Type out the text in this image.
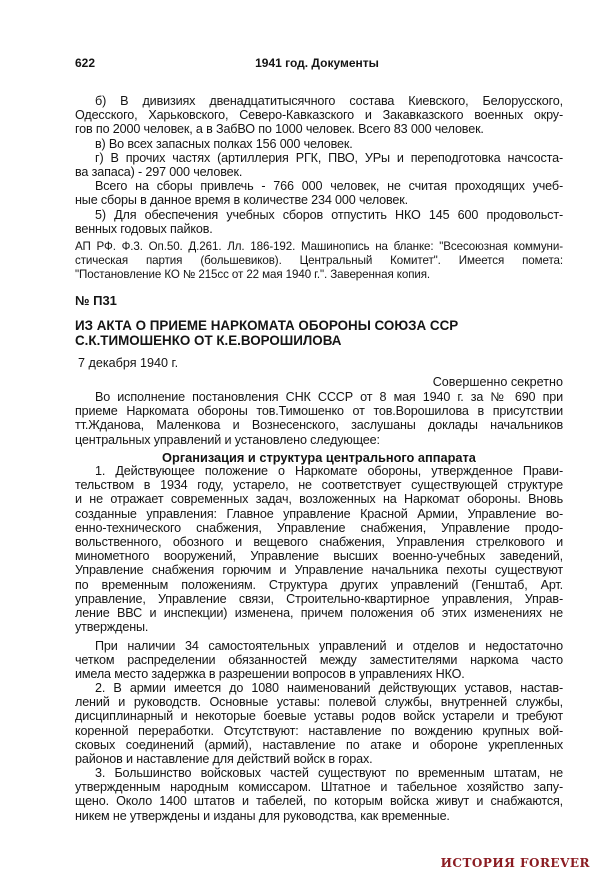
622	1941 год. Документы
б) В дивизиях двенадцатитысячного состава Киевского, Белорусского,
Одесского, Харьковского, Северо-Кавказского и Закавказского военных окру-
гов по 2000 человек, а в ЗабВО по 1000 человек. Всего 83 000 человек.
в) Во всех запасных полках 156 000 человек.
г) В прочих частях (артиллерия РГК, ПВО, УРы и переподготовка начсоста-
ва запаса) - 297 000 человек.
Всего на сборы привлечь - 766 000 человек, не считая проходящих учеб-
ные сборы в данное время в количестве 234 000 человек.
5) Для обеспечения учебных сборов отпустить НКО 145 600 продовольст-
венных годовых пайков.
АП РФ. Ф.3. Оп.50. Д.261. Лл. 186-192. Машинопись на бланке: "Всесоюзная коммуни-
стическая партия (большевиков). Центральный Комитет". Имеется помета:
"Постановление КО № 215сс от 22 мая 1940 г.". Заверенная копия.
№ П31
ИЗ АКТА О ПРИЕМЕ НАРКОМАТА ОБОРОНЫ СОЮЗА ССР
С.К.ТИМОШЕНКО ОТ К.Е.ВОРОШИЛОВА
7 декабря 1940 г.
Совершенно секретно
Во исполнение постановления СНК СССР от 8 мая 1940 г. за № 690 при
приеме Наркомата обороны тов.Тимошенко от тов.Ворошилова в присутствии
тт.Жданова, Маленкова и Вознесенского, заслушаны доклады начальников
центральных управлений и установлено следующее:
Организация и структура центрального аппарата
1. Действующее положение о Наркомате обороны, утвержденное Прави-
тельством в 1934 году, устарело, не соответствует существующей структуре
и не отражает современных задач, возложенных на Наркомат обороны. Вновь
созданные управления: Главное управление Красной Армии, Управление во-
енно-технического снабжения, Управление снабжения, Управление продо-
вольственного, обозного и вещевого снабжения, Управления стрелкового и
минометного вооружений, Управление высших военно-учебных заведений,
Управление снабжения горючим и Управление начальника пехоты существуют
по временным положениям. Структура других управлений (Генштаб, Арт.
управление, Управление связи, Строительно-квартирное управления, Управ-
ление ВВС и инспекции) изменена, причем положения об этих изменениях не
утверждены.
При наличии 34 самостоятельных управлений и отделов и недостаточно
четком распределении обязанностей между заместителями наркома часто
имела место задержка в разрешении вопросов в управлениях НКО.
2. В армии имеется до 1080 наименований действующих уставов, настав-
лений и руководств. Основные уставы: полевой службы, внутренней службы,
дисциплинарный и некоторые боевые уставы родов войск устарели и требуют
коренной переработки. Отсутствуют: наставление по вождению крупных вой-
сковых соединений (армий), наставление по атаке и обороне укрепленных
районов и наставление для действий войск в горах.
3. Большинство войсковых частей существуют по временным штатам, не
утвержденным народным комиссаром. Штатное и табельное хозяйство запу-
щено. Около 1400 штатов и табелей, по которым войска живут и снабжаются,
никем не утверждены и изданы для руководства, как временные.
ИСТОРИЯ FOREVER
